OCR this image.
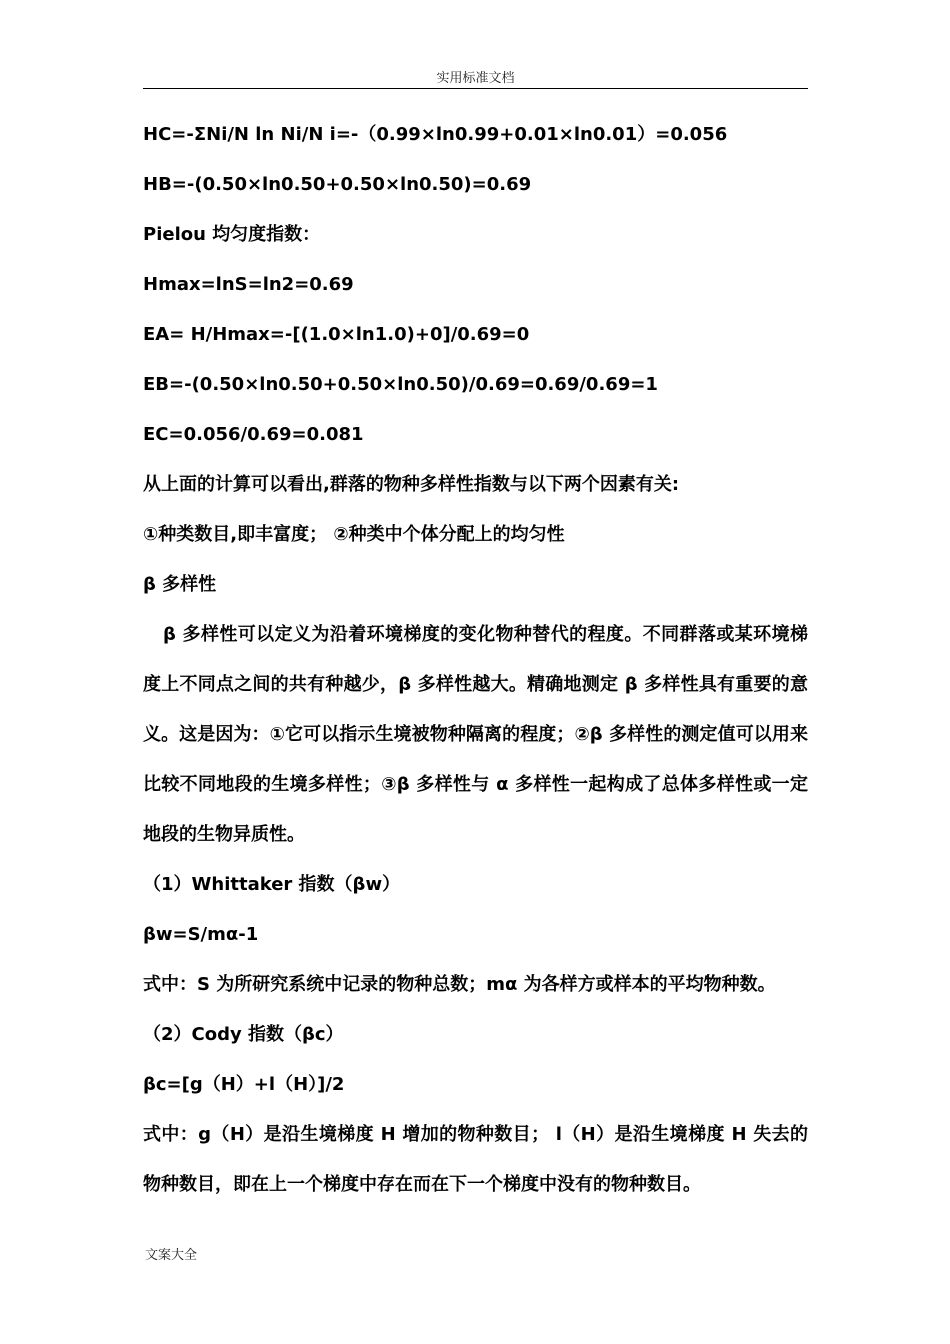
实用标准文档
HC=-ΣNi/N ln Ni/N i=-（0.99×ln0.99+0.01×ln0.01）=0.056
HB=-(0.50×ln0.50+0.50×ln0.50)=0.69
Pielou 均匀度指数：
Hmax=lnS=ln2=0.69
EA= H/Hmax=-[(1.0×ln1.0)+0]/0.69=0
EB=-(0.50×ln0.50+0.50×ln0.50)/0.69=0.69/0.69=1
EC=0.056/0.69=0.081
从上面的计算可以看出,群落的物种多样性指数与以下两个因素有关:
①种类数目,即丰富度； ②种类中个体分配上的均匀性
β 多样性

β 多样性可以定义为沿着环境梯度的变化物种替代的程度。不同群落或某环境梯度上不同点之间的共有种越少，β 多样性越大。精确地测定 β 多样性具有重要的意义。这是因为：①它可以指示生境被物种隔离的程度；②β 多样性的测定值可以用来比较不同地段的生境多样性；③β 多样性与 α 多样性一起构成了总体多样性或一定地段的生物异质性。

（1）Whittaker 指数（βw）
βw=S/mα-1
式中：S 为所研究系统中记录的物种总数；mα 为各样方或样本的平均物种数。
（2）Cody 指数（βc）
βc=[g（H）+l（H）]/2

式中：g（H）是沿生境梯度 H 增加的物种数目； l（H）是沿生境梯度 H 失去的物种数目，即在上一个梯度中存在而在下一个梯度中没有的物种数目。

文案大全
